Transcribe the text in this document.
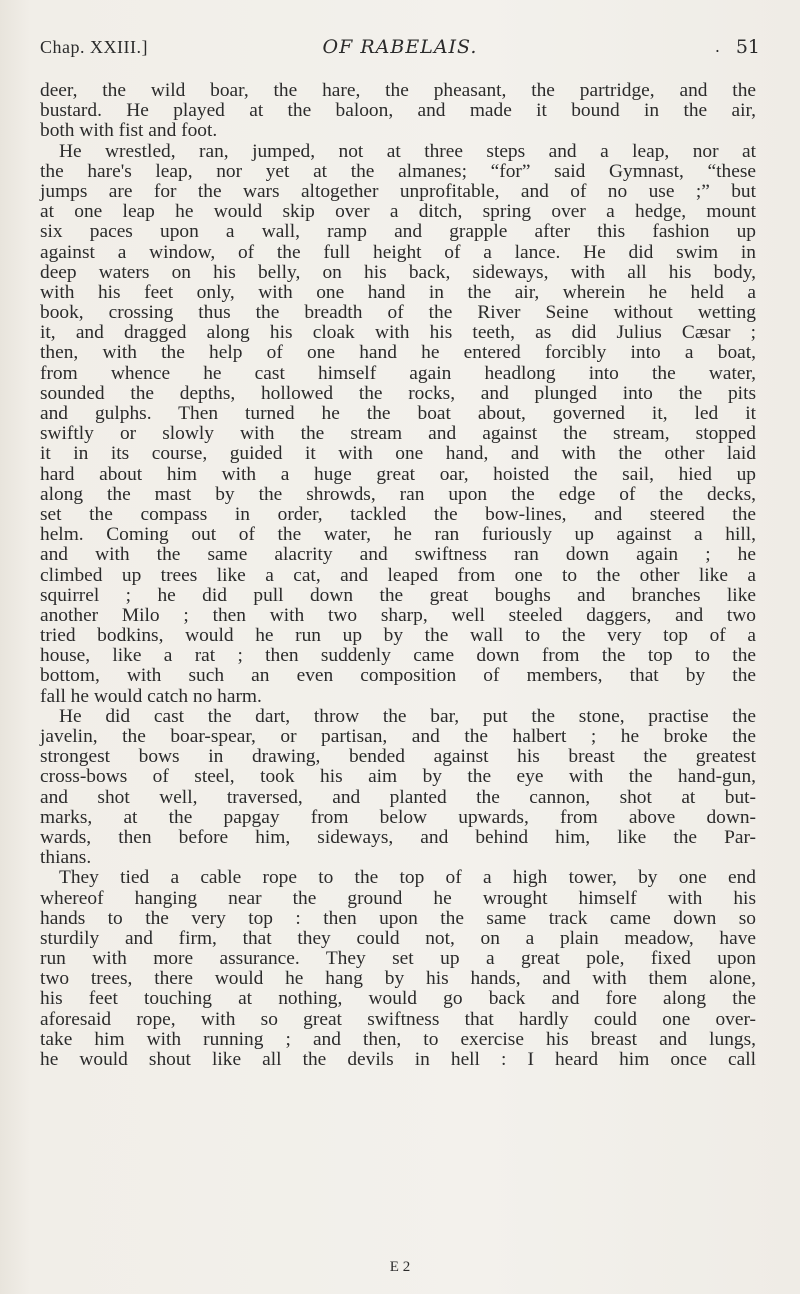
Chap. XXIII.]	OF RABELAIS.	. 51
deer, the wild boar, the hare, the pheasant, the partridge, and the
bustard. He played at the baloon, and made it bound in the air,
both with fist and foot.
He wrestled, ran, jumped, not at three steps and a leap, nor at
the hare's leap, nor yet at the almanes; “for” said Gymnast, “these
jumps are for the wars altogether unprofitable, and of no use ;” but
at one leap he would skip over a ditch, spring over a hedge, mount
six paces upon a wall, ramp and grapple after this fashion up
against a window, of the full height of a lance. He did swim in
deep waters on his belly, on his back, sideways, with all his body,
with his feet only, with one hand in the air, wherein he held a
book, crossing thus the breadth of the River Seine without wetting
it, and dragged along his cloak with his teeth, as did Julius Cæsar ;
then, with the help of one hand he entered forcibly into a boat,
from whence he cast himself again headlong into the water,
sounded the depths, hollowed the rocks, and plunged into the pits
and gulphs. Then turned he the boat about, governed it, led it
swiftly or slowly with the stream and against the stream, stopped
it in its course, guided it with one hand, and with the other laid
hard about him with a huge great oar, hoisted the sail, hied up
along the mast by the shrowds, ran upon the edge of the decks,
set the compass in order, tackled the bow-lines, and steered the
helm. Coming out of the water, he ran furiously up against a hill,
and with the same alacrity and swiftness ran down again ; he
climbed up trees like a cat, and leaped from one to the other like a
squirrel ; he did pull down the great boughs and branches like
another Milo ; then with two sharp, well steeled daggers, and two
tried bodkins, would he run up by the wall to the very top of a
house, like a rat ; then suddenly came down from the top to the
bottom, with such an even composition of members, that by the
fall he would catch no harm.
He did cast the dart, throw the bar, put the stone, practise the
javelin, the boar-spear, or partisan, and the halbert ; he broke the
strongest bows in drawing, bended against his breast the greatest
cross-bows of steel, took his aim by the eye with the hand-gun,
and shot well, traversed, and planted the cannon, shot at but-
marks, at the papgay from below upwards, from above down-
wards, then before him, sideways, and behind him, like the Par-
thians.
They tied a cable rope to the top of a high tower, by one end
whereof hanging near the ground he wrought himself with his
hands to the very top : then upon the same track came down so
sturdily and firm, that they could not, on a plain meadow, have
run with more assurance. They set up a great pole, fixed upon
two trees, there would he hang by his hands, and with them alone,
his feet touching at nothing, would go back and fore along the
aforesaid rope, with so great swiftness that hardly could one over-
take him with running ; and then, to exercise his breast and lungs,
he would shout like all the devils in hell : I heard him once call
E 2
